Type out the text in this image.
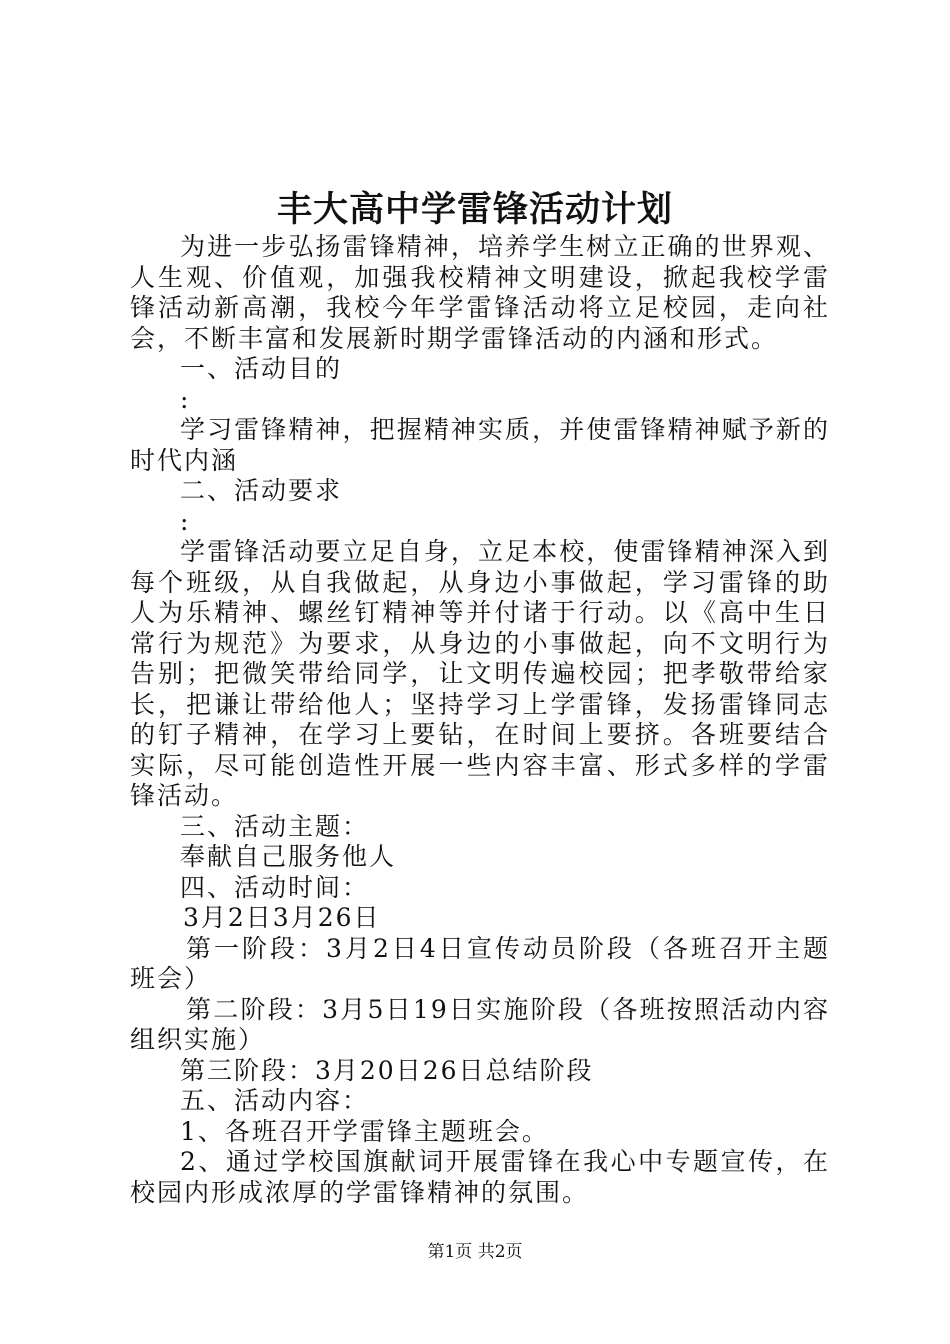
丰大高中学雷锋活动计划

为进一步弘扬雷锋精神，培养学生树立正确的世界观、人生观、价值观，加强我校精神文明建设，掀起我校学雷锋活动新高潮，我校今年学雷锋活动将立足校园，走向社会，不断丰富和发展新时期学雷锋活动的内涵和形式。

一、活动目的

:

学习雷锋精神，把握精神实质，并使雷锋精神赋予新的时代内涵

二、活动要求

:

学雷锋活动要立足自身，立足本校，使雷锋精神深入到每个班级，从自我做起，从身边小事做起，学习雷锋的助人为乐精神、螺丝钉精神等并付诸于行动。以《高中生日常行为规范》为要求，从身边的小事做起，向不文明行为告别；把微笑带给同学，让文明传遍校园；把孝敬带给家长，把谦让带给他人；坚持学习上学雷锋，发扬雷锋同志的钉子精神，在学习上要钻，在时间上要挤。各班要结合实际，尽可能创造性开展一些内容丰富、形式多样的学雷锋活动。

三、活动主题：

奉献自己服务他人

四、活动时间：

3月2日3月26日

第一阶段：3月2日4日宣传动员阶段（各班召开主题班会）

第二阶段：3月5日19日实施阶段（各班按照活动内容组织实施）

第三阶段：3月20日26日总结阶段

五、活动内容：

1、各班召开学雷锋主题班会。

2、通过学校国旗献词开展雷锋在我心中专题宣传，在校园内形成浓厚的学雷锋精神的氛围。

第1页 共2页
